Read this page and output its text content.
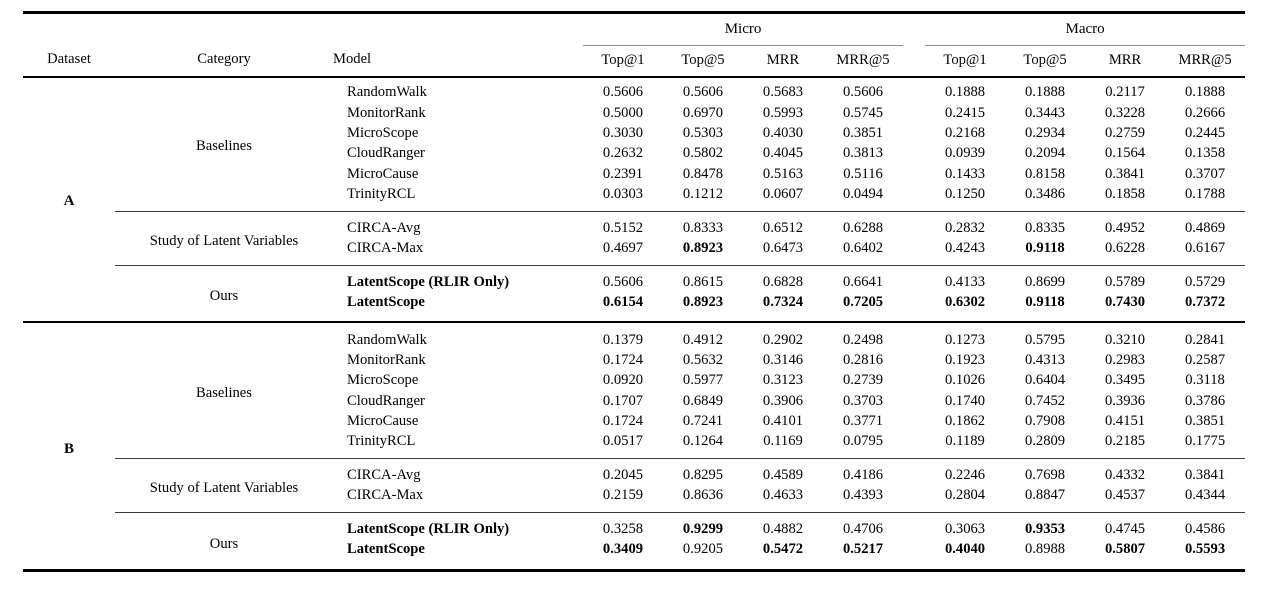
			Micro					Macro			
Dataset	Category	Model	Top@1	Top@5	MRR	MRR@5		Top@1	Top@5	MRR	MRR@5
A	Baselines	RandomWalk	0.5606	0.5606	0.5683	0.5606		0.1888	0.1888	0.2117	0.1888
		MonitorRank	0.5000	0.6970	0.5993	0.5745		0.2415	0.3443	0.3228	0.2666
		MicroScope	0.3030	0.5303	0.4030	0.3851		0.2168	0.2934	0.2759	0.2445
		CloudRanger	0.2632	0.5802	0.4045	0.3813		0.0939	0.2094	0.1564	0.1358
		MicroCause	0.2391	0.8478	0.5163	0.5116		0.1433	0.8158	0.3841	0.3707
		TrinityRCL	0.0303	0.1212	0.0607	0.0494		0.1250	0.3486	0.1858	0.1788
	Study of Latent Variables	CIRCA-Avg	0.5152	0.8333	0.6512	0.6288		0.2832	0.8335	0.4952	0.4869
		CIRCA-Max	0.4697	0.8923	0.6473	0.6402		0.4243	0.9118	0.6228	0.6167
	Ours	LatentScope (RLIR Only)	0.5606	0.8615	0.6828	0.6641		0.4133	0.8699	0.5789	0.5729
		LatentScope	0.6154	0.8923	0.7324	0.7205		0.6302	0.9118	0.7430	0.7372
B	Baselines	RandomWalk	0.1379	0.4912	0.2902	0.2498		0.1273	0.5795	0.3210	0.2841
		MonitorRank	0.1724	0.5632	0.3146	0.2816		0.1923	0.4313	0.2983	0.2587
		MicroScope	0.0920	0.5977	0.3123	0.2739		0.1026	0.6404	0.3495	0.3118
		CloudRanger	0.1707	0.6849	0.3906	0.3703		0.1740	0.7452	0.3936	0.3786
		MicroCause	0.1724	0.7241	0.4101	0.3771		0.1862	0.7908	0.4151	0.3851
		TrinityRCL	0.0517	0.1264	0.1169	0.0795		0.1189	0.2809	0.2185	0.1775
	Study of Latent Variables	CIRCA-Avg	0.2045	0.8295	0.4589	0.4186		0.2246	0.7698	0.4332	0.3841
		CIRCA-Max	0.2159	0.8636	0.4633	0.4393		0.2804	0.8847	0.4537	0.4344
	Ours	LatentScope (RLIR Only)	0.3258	0.9299	0.4882	0.4706		0.3063	0.9353	0.4745	0.4586
		LatentScope	0.3409	0.9205	0.5472	0.5217		0.4040	0.8988	0.5807	0.5593
